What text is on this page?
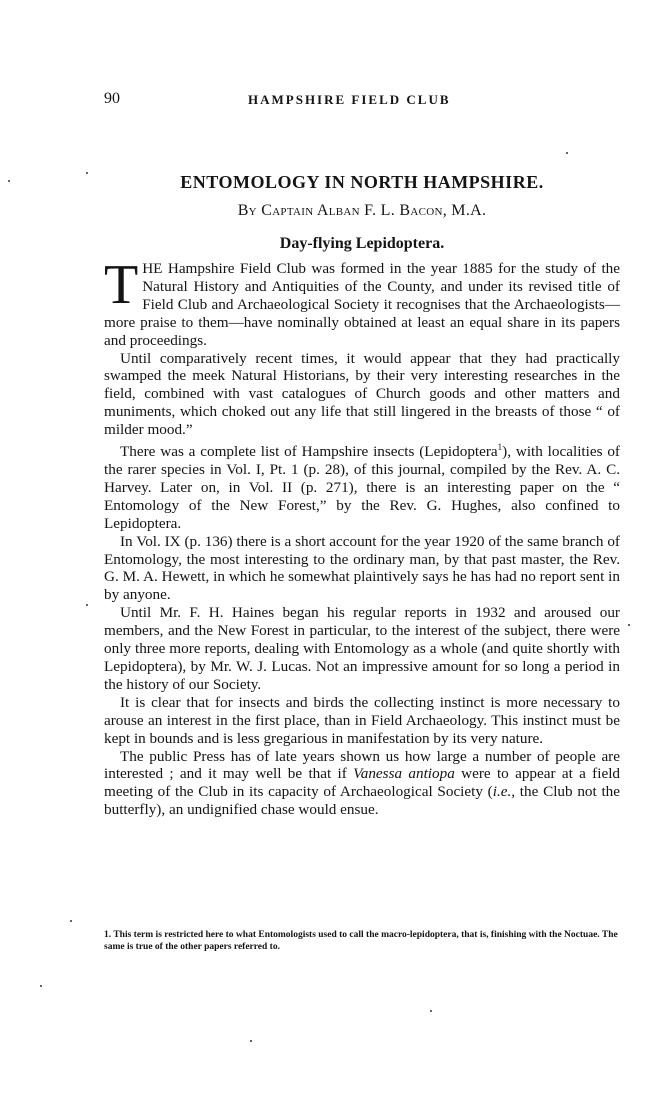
90	HAMPSHIRE FIELD CLUB
ENTOMOLOGY IN NORTH HAMPSHIRE.
By Captain Alban F. L. Bacon, M.A.
Day-flying Lepidoptera.

THE Hampshire Field Club was formed in the year 1885 for the study of the Natural History and Antiquities of the County, and under its revised title of Field Club and Archaeological Society it recognises that the Archaeologists—more praise to them—have nominally obtained at least an equal share in its papers and proceedings.

Until comparatively recent times, it would appear that they had practically swamped the meek Natural Historians, by their very interesting researches in the field, combined with vast catalogues of Church goods and other matters and muniments, which choked out any life that still lingered in the breasts of those “ of milder mood.”

There was a complete list of Hampshire insects (Lepidoptera$^1$), with localities of the rarer species in Vol. I, Pt. 1 (p. 28), of this journal, compiled by the Rev. A. C. Harvey. Later on, in Vol. II (p. 271), there is an interesting paper on the “ Entomology of the New Forest,” by the Rev. G. Hughes, also confined to Lepidoptera.

In Vol. IX (p. 136) there is a short account for the year 1920 of the same branch of Entomology, the most interesting to the ordinary man, by that past master, the Rev. G. M. A. Hewett, in which he somewhat plaintively says he has had no report sent in by anyone.

Until Mr. F. H. Haines began his regular reports in 1932 and aroused our members, and the New Forest in particular, to the interest of the subject, there were only three more reports, dealing with Entomology as a whole (and quite shortly with Lepidoptera), by Mr. W. J. Lucas. Not an impressive amount for so long a period in the history of our Society.

It is clear that for insects and birds the collecting instinct is more necessary to arouse an interest in the first place, than in Field Archaeology. This instinct must be kept in bounds and is less gregarious in manifestation by its very nature.

The public Press has of late years shown us how large a number of people are interested ; and it may well be that if Vanessa antiopa were to appear at a field meeting of the Club in its capacity of Archaeological Society (i.e., the Club not the butterfly), an undignified chase would ensue.

1. This term is restricted here to what Entomologists used to call the macro-lepidoptera, that is, finishing with the Noctuae. The same is true of the other papers referred to.
